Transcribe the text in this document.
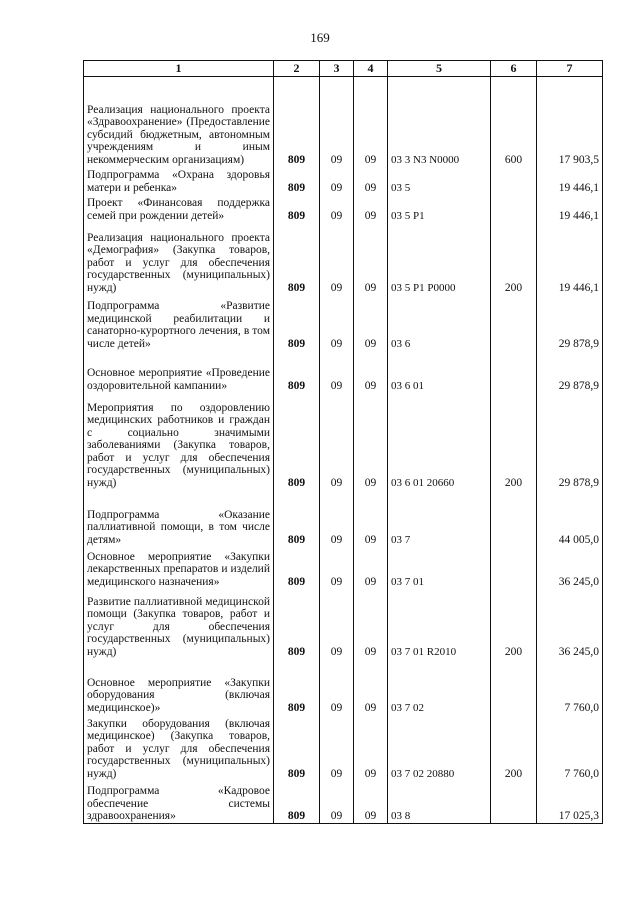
169
1	2	3	4	5	6	7
Реализация национального проекта «Здравоохранение» (Предоставление субсидий бюджетным, автономным учреждениям и иным некоммерческим организациям)	809	09	09	03 3 N3 N0000	600	17 903,5
Подпрограмма «Охрана здоровья матери и ребенка»	809	09	09	03 5		19 446,1
Проект «Финансовая поддержка семей при рождении детей»	809	09	09	03 5 P1		19 446,1
Реализация национального проекта «Демография» (Закупка товаров, работ и услуг для обеспечения государственных (муниципальных) нужд)	809	09	09	03 5 P1 P0000	200	19 446,1
Подпрограмма «Развитие медицинской реабилитации и санаторно-курортного лечения, в том числе детей»	809	09	09	03 6		29 878,9
Основное мероприятие «Проведение оздоровительной кампании»	809	09	09	03 6 01		29 878,9
Мероприятия по оздоровлению медицинских работников и граждан с социально значимыми заболеваниями (Закупка товаров, работ и услуг для обеспечения государственных (муниципальных) нужд)	809	09	09	03 6 01 20660	200	29 878,9
Подпрограмма «Оказание паллиативной помощи, в том числе детям»	809	09	09	03 7		44 005,0
Основное мероприятие «Закупки лекарственных препаратов и изделий медицинского назначения»	809	09	09	03 7 01		36 245,0
Развитие паллиативной медицинской помощи (Закупка товаров, работ и услуг для обеспечения государственных (муниципальных) нужд)	809	09	09	03 7 01 R2010	200	36 245,0
Основное мероприятие «Закупки оборудования (включая медицинское)»	809	09	09	03 7 02		7 760,0
Закупки оборудования (включая медицинское) (Закупка товаров, работ и услуг для обеспечения государственных (муниципальных) нужд)	809	09	09	03 7 02 20880	200	7 760,0
Подпрограмма «Кадровое обеспечение системы здравоохранения»	809	09	09	03 8		17 025,3
